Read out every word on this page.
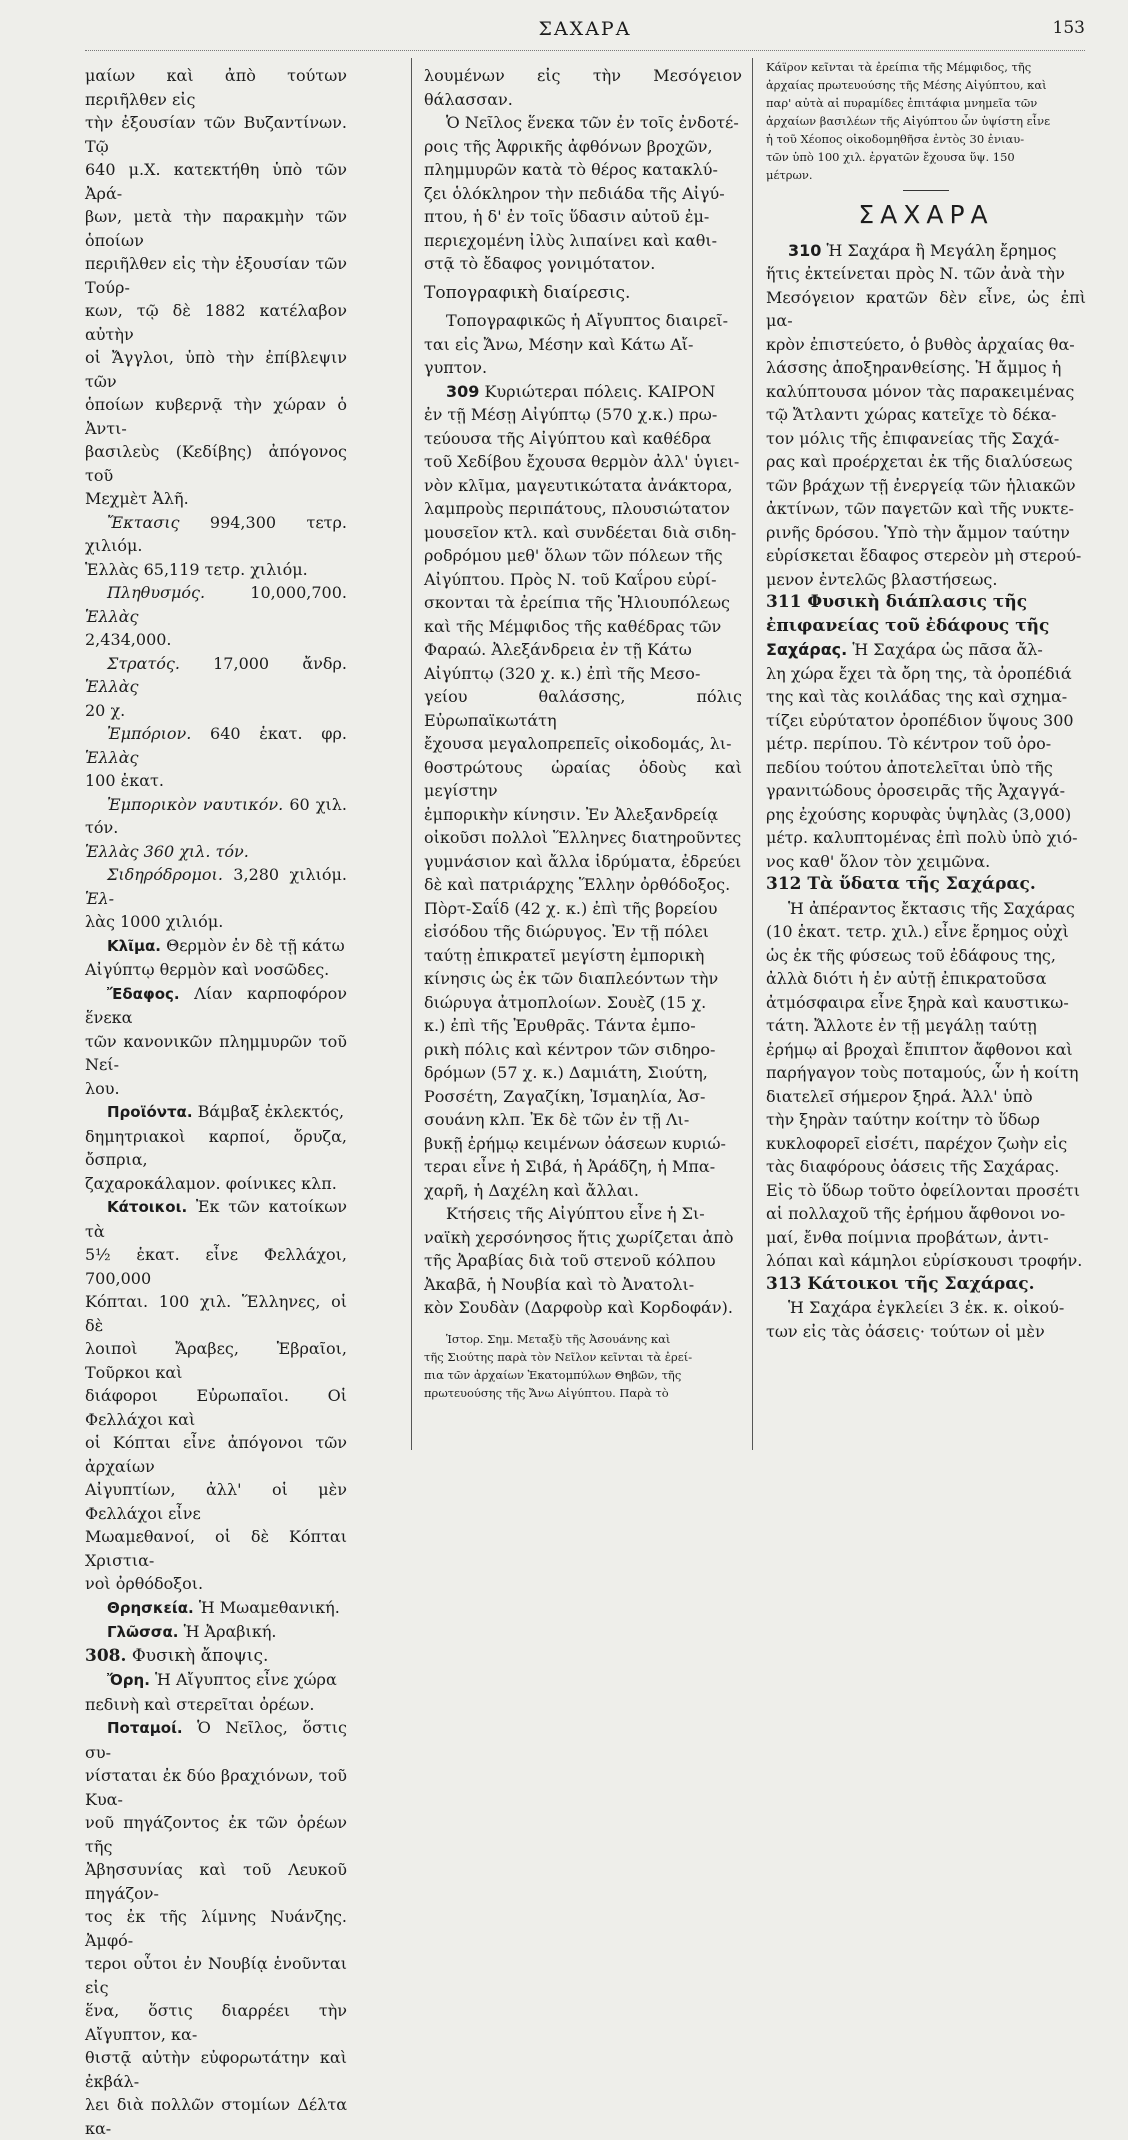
ΣΑΧΑΡΑ	153

μαίων καὶ ἀπὸ τούτων περιῆλθεν εἰς

τὴν ἐξουσίαν τῶν Βυζαντίνων. Τῷ

640 μ.Χ. κατεκτήθη ὑπὸ τῶν Ἀρά-

βων, μετὰ τὴν παρακμὴν τῶν ὁποίων

περιῆλθεν εἰς τὴν ἐξουσίαν τῶν Τούρ-

κων, τῷ δὲ 1882 κατέλαβον αὐτὴν

οἱ Ἄγγλοι, ὑπὸ τὴν ἐπίβλεψιν τῶν

ὁποίων κυβερνᾷ τὴν χώραν ὁ Ἀντι-

βασιλεὺς (Κεδίβης) ἀπόγονος τοῦ

Μεχμὲτ Ἀλῆ.

Ἔκτασις 994,300 τετρ. χιλιόμ.

Ἑλλὰς 65,119 τετρ. χιλιόμ.

Πληθυσμός.	10,000,700. Ἑλλὰς

2,434,000.

Στρατός. 17,000 ἄνδρ. Ἑλλὰς

20 χ.

Ἐμπόριον. 640 ἑκατ. φρ. Ἑλλὰς

100 ἑκατ.

Ἐμπορικὸν ναυτικόν. 60 χιλ. τόν.

Ἑλλὰς 360 χιλ. τόν.

Σιδηρόδρομοι. 3,280 χιλιόμ. Ἑλ-

λὰς 1000 χιλιόμ.

Κλῖμα. Θερμὸν ἐν δὲ τῇ κάτω

Αἰγύπτῳ θερμὸν καὶ νοσῶδες.

Ἔδαφος. Λίαν καρποφόρον ἕνεκα

τῶν κανονικῶν πλημμυρῶν τοῦ Νεί-

λου.

Προϊόντα. Βάμβαξ ἐκλεκτός,

δημητριακοὶ καρποί, ὄρυζα, ὄσπρια,

ζαχαροκάλαμον. φοίνικες κλπ.

Κάτοικοι. Ἐκ τῶν κατοίκων τὰ

5½ ἑκατ. εἶνε Φελλάχοι, 700,000

Κόπται. 100 χιλ. Ἕλληνες, οἱ δὲ

λοιποὶ Ἄραβες, Ἑβραῖοι, Τοῦρκοι καὶ

διάφοροι Εὐρωπαῖοι. Οἱ Φελλάχοι καὶ

οἱ Κόπται εἶνε ἀπόγονοι τῶν ἀρχαίων

Αἰγυπτίων, ἀλλ' οἱ μὲν Φελλάχοι εἶνε

Μωαμεθανοί, οἱ δὲ Κόπται Χριστια-

νοὶ ὀρθόδοξοι.

Θρησκεία. Ἡ Μωαμεθανική.

Γλῶσσα. Ἡ Ἀραβική.

308. Φυσικὴ ἄποψις.

Ὄρη. Ἡ Αἴγυπτος εἶνε χώρα

πεδινὴ καὶ στερεῖται ὀρέων.

Ποταμοί. Ὁ Νεῖλος, ὅστις συ-

νίσταται ἐκ δύο βραχιόνων, τοῦ Κυα-

νοῦ πηγάζοντος ἐκ τῶν ὀρέων τῆς

Ἀβησσυνίας καὶ τοῦ Λευκοῦ πηγάζον-

τος ἐκ τῆς λίμνης Νυάνζης. Ἀμφό-

τεροι οὗτοι ἐν Νουβίᾳ ἑνοῦνται εἰς

ἕνα, ὅστις διαρρέει τὴν Αἴγυπτον, κα-

θιστᾷ αὐτὴν εὐφορωτάτην καὶ ἐκβάλ-

λει διὰ πολλῶν στομίων Δέλτα κα-

λουμένων εἰς τὴν Μεσόγειον θάλασσαν.

Ὁ Νεῖλος ἕνεκα τῶν ἐν τοῖς ἐνδοτέ-

ροις τῆς Ἀφρικῆς ἀφθόνων βροχῶν,

πλημμυρῶν κατὰ τὸ θέρος κατακλύ-

ζει ὁλόκληρον τὴν πεδιάδα τῆς Αἰγύ-

πτου, ἡ δ' ἐν τοῖς ὕδασιν αὐτοῦ ἐμ-

περιεχομένη ἰλὺς λιπαίνει καὶ καθι-

στᾷ τὸ ἔδαφος γονιμότατον.

Τοπογραφικὴ διαίρεσις.

Τοπογραφικῶς ἡ Αἴγυπτος διαιρεῖ-

ται εἰς Ἄνω, Μέσην καὶ Κάτω Αἴ-

γυπτον.

309 Κυριώτεραι πόλεις. ΚΑΙΡΟΝ

ἐν τῇ Μέσῃ Αἰγύπτῳ (570 χ.κ.) πρω-

τεύουσα τῆς Αἰγύπτου καὶ καθέδρα

τοῦ Χεδίβου ἔχουσα θερμὸν ἀλλ' ὑγιει-

νὸν κλῖμα, μαγευτικώτατα ἀνάκτορα,

λαμπροὺς περιπάτους, πλουσιώτατον

μουσεῖον κτλ. καὶ συνδέεται διὰ σιδη-

ροδρόμου μεθ' ὅλων τῶν πόλεων τῆς

Αἰγύπτου. Πρὸς Ν. τοῦ Καΐρου εὑρί-

σκονται τὰ ἐρείπια τῆς Ἡλιουπόλεως

καὶ τῆς Μέμφιδος τῆς καθέδρας τῶν

Φαραώ. Ἀλεξάνδρεια ἐν τῇ Κάτω

Αἰγύπτῳ (320 χ. κ.) ἐπὶ τῆς Μεσο-

γείου θαλάσσης, πόλις Εὐρωπαϊκωτάτη

ἔχουσα μεγαλοπρεπεῖς οἰκοδομάς, λι-

θοστρώτους ὡραίας ὁδοὺς καὶ μεγίστην

ἐμπορικὴν κίνησιν. Ἐν Ἀλεξανδρείᾳ

οἰκοῦσι πολλοὶ Ἕλληνες διατηροῦντες

γυμνάσιον καὶ ἄλλα ἱδρύματα, ἐδρεύει

δὲ καὶ πατριάρχης Ἕλλην ὀρθόδοξος.

Πὸρτ-Σαΐδ (42 χ. κ.) ἐπὶ τῆς βορείου

εἰσόδου τῆς διώρυγος. Ἐν τῇ πόλει

ταύτῃ ἐπικρατεῖ μεγίστη ἐμπορικὴ

κίνησις ὡς ἐκ τῶν διαπλεόντων τὴν

διώρυγα ἀτμοπλοίων. Σουὲζ (15 χ.

κ.) ἐπὶ τῆς Ἐρυθρᾶς. Τάντα ἐμπο-

ρικὴ πόλις καὶ κέντρον τῶν σιδηρο-

δρόμων (57 χ. κ.) Δαμιάτη, Σιούτη,

Ροσσέτη, Ζαγαζίκη, Ἰσμαηλία, Ἀσ-

σουάνη κλπ. Ἐκ δὲ τῶν ἐν τῇ Λι-

βυκῇ ἐρήμῳ κειμένων ὀάσεων κυριώ-

τεραι εἶνε ἡ Σιβά, ἡ Ἀράδζη, ἡ Μπα-

χαρῆ, ἡ Δαχέλη καὶ ἄλλαι.

Κτήσεις τῆς Αἰγύπτου εἶνε ἡ Σι-

ναϊκὴ χερσόνησος ἥτις χωρίζεται ἀπὸ

τῆς Ἀραβίας διὰ τοῦ στενοῦ κόλπου

Ἀκαβᾶ, ἡ Νουβία καὶ τὸ Ἀνατολι-

κὸν Σουδὰν (Δαρφοὺρ καὶ Κορδοφάν).

Ἱστορ. Σημ. Μεταξὺ τῆς Ἀσουάνης καὶ

τῆς Σιούτης παρὰ τὸν Νεῖλον κεῖνται τὰ ἐρεί-

πια τῶν ἀρχαίων Ἑκατομπύλων Θηβῶν, τῆς

πρωτευούσης τῆς Ἄνω Αἰγύπτου. Παρὰ τὸ

Κάϊρον κεῖνται τὰ ἐρείπια τῆς Μέμφιδος, τῆς

ἀρχαίας πρωτευούσης τῆς Μέσης Αἰγύπτου, καὶ

παρ' αὐτὰ αἱ πυραμίδες ἐπιτάφια μνημεῖα τῶν

ἀρχαίων βασιλέων τῆς Αἰγύπτου ὧν ὑψίστη εἶνε

ἡ τοῦ Χέοπος οἰκοδομηθῆσα ἐντὸς 30 ἐνιαυ-

τῶν ὑπὸ 100 χιλ. ἐργατῶν ἔχουσα ὕψ. 150

μέτρων.

ΣΑΧΑΡΑ

310 Ἡ Σαχάρα ἢ Μεγάλη ἔρημος

ἥτις ἐκτείνεται πρὸς Ν. τῶν ἀνὰ τὴν

Μεσόγειον κρατῶν δὲν εἶνε, ὡς ἐπὶ μα-

κρὸν ἐπιστεύετο, ὁ βυθὸς ἀρχαίας θα-

λάσσης ἀποξηρανθείσης. Ἡ ἄμμος ἡ

καλύπτουσα μόνον τὰς παρακειμένας

τῷ Ἄτλαντι χώρας κατεῖχε τὸ δέκα-

τον μόλις τῆς ἐπιφανείας τῆς Σαχά-

ρας καὶ προέρχεται ἐκ τῆς διαλύσεως

τῶν βράχων τῇ ἐνεργείᾳ τῶν ἡλιακῶν

ἀκτίνων, τῶν παγετῶν καὶ τῆς νυκτε-

ρινῆς δρόσου. Ὑπὸ τὴν ἄμμον ταύτην

εὑρίσκεται ἔδαφος στερεὸν μὴ στερού-

μενον ἐντελῶς βλαστήσεως.

311 Φυσικὴ διάπλασις τῆς

ἐπιφανείας τοῦ ἐδάφους τῆς

Σαχάρας. Ἡ Σαχάρα ὡς πᾶσα ἄλ-

λη χώρα ἔχει τὰ ὄρη της, τὰ ὀροπέδιά

της καὶ τὰς κοιλάδας της καὶ σχημα-

τίζει εὐρύτατον ὀροπέδιον ὕψους 300

μέτρ. περίπου. Τὸ κέντρον τοῦ ὀρο-

πεδίου τούτου ἀποτελεῖται ὑπὸ τῆς

γρανιτώδους ὀροσειρᾶς τῆς Ἀχαγγά-

ρης ἐχούσης κορυφὰς ὑψηλὰς (3,000)

μέτρ. καλυπτομένας ἐπὶ πολὺ ὑπὸ χιό-

νος καθ' ὅλον τὸν χειμῶνα.

312 Τὰ ὕδατα τῆς Σαχάρας.

Ἡ ἀπέραντος ἔκτασις τῆς Σαχάρας

(10 ἑκατ. τετρ. χιλ.) εἶνε ἔρημος οὐχὶ

ὡς ἐκ τῆς φύσεως τοῦ ἐδάφους της,

ἀλλὰ διότι ἡ ἐν αὐτῇ ἐπικρατοῦσα

ἀτμόσφαιρα εἶνε ξηρὰ καὶ καυστικω-

τάτη. Ἄλλοτε ἐν τῇ μεγάλῃ ταύτῃ

ἐρήμῳ αἱ βροχαὶ ἔπιπτον ἄφθονοι καὶ

παρήγαγον τοὺς ποταμούς, ὧν ἡ κοίτη

διατελεῖ σήμερον ξηρά. Ἀλλ' ὑπὸ

τὴν ξηρὰν ταύτην κοίτην τὸ ὕδωρ

κυκλοφορεῖ εἰσέτι, παρέχον ζωὴν εἰς

τὰς διαφόρους ὀάσεις τῆς Σαχάρας.

Εἰς τὸ ὕδωρ τοῦτο ὀφείλονται προσέτι

αἱ πολλαχοῦ τῆς ἐρήμου ἄφθονοι νο-

μαί, ἔνθα ποίμνια προβάτων, ἀντι-

λόπαι καὶ κάμηλοι εὑρίσκουσι τροφήν.

313 Κάτοικοι τῆς Σαχάρας.

Ἡ Σαχάρα ἐγκλείει 3 ἑκ. κ. οἰκού-

των εἰς τὰς ὀάσεις· τούτων οἱ μὲν
